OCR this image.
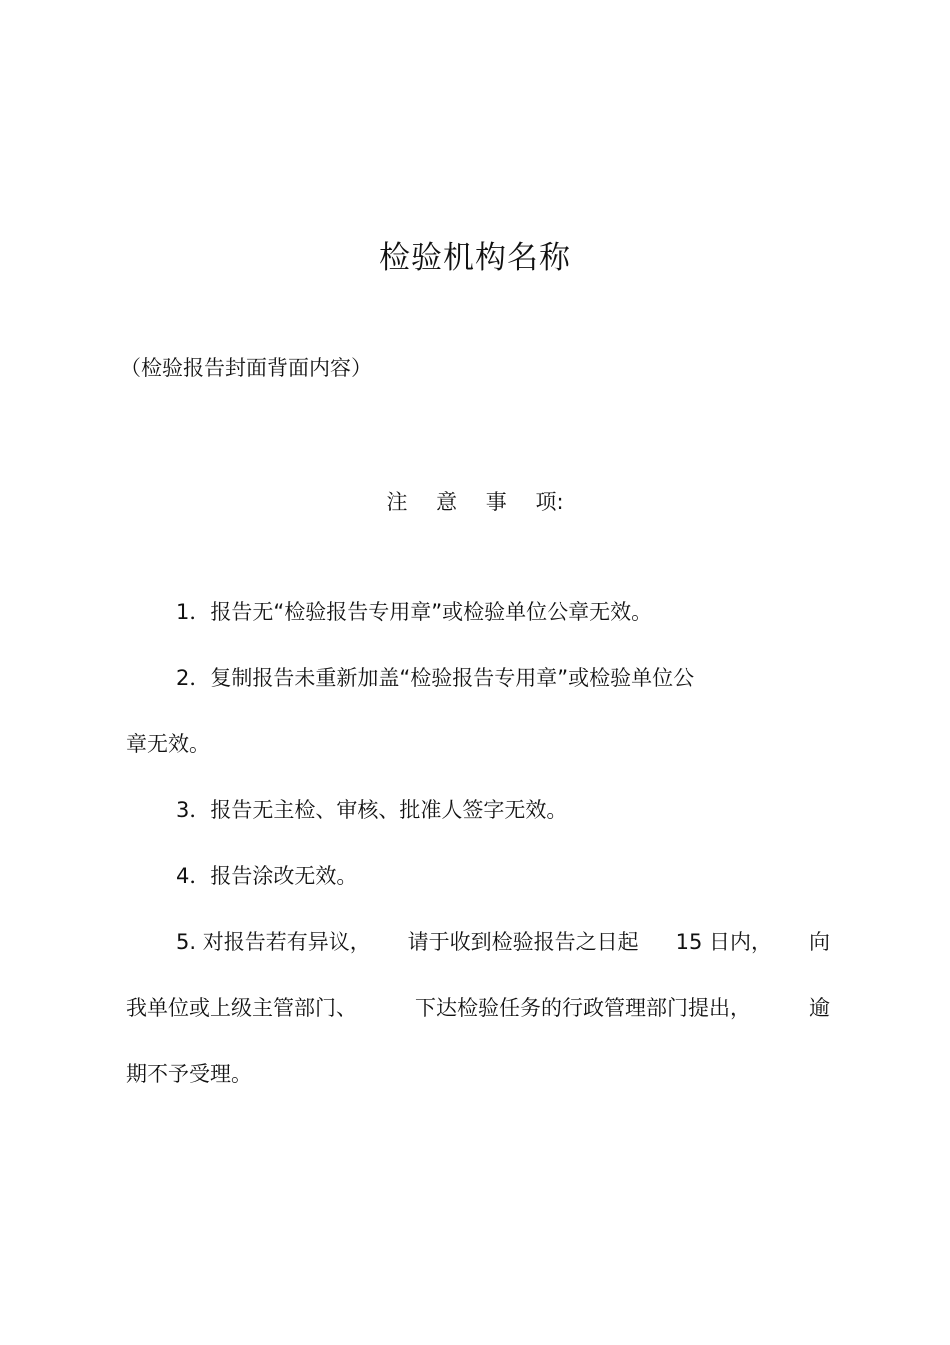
检验机构名称
（检验报告封面背面内容）
注 意 事 项:
1．报告无“检验报告专用章”或检验单位公章无效。
2．复制报告未重新加盖“检验报告专用章”或检验单位公
章无效。
3．报告无主检、审核、批准人签字无效。
4．报告涂改无效。
5. 对报告若有异议， 请于收到检验报告之日起 15 日内， 向
我单位或上级主管部门、	下达检验任务的行政管理部门提出，	逾
期不予受理。
